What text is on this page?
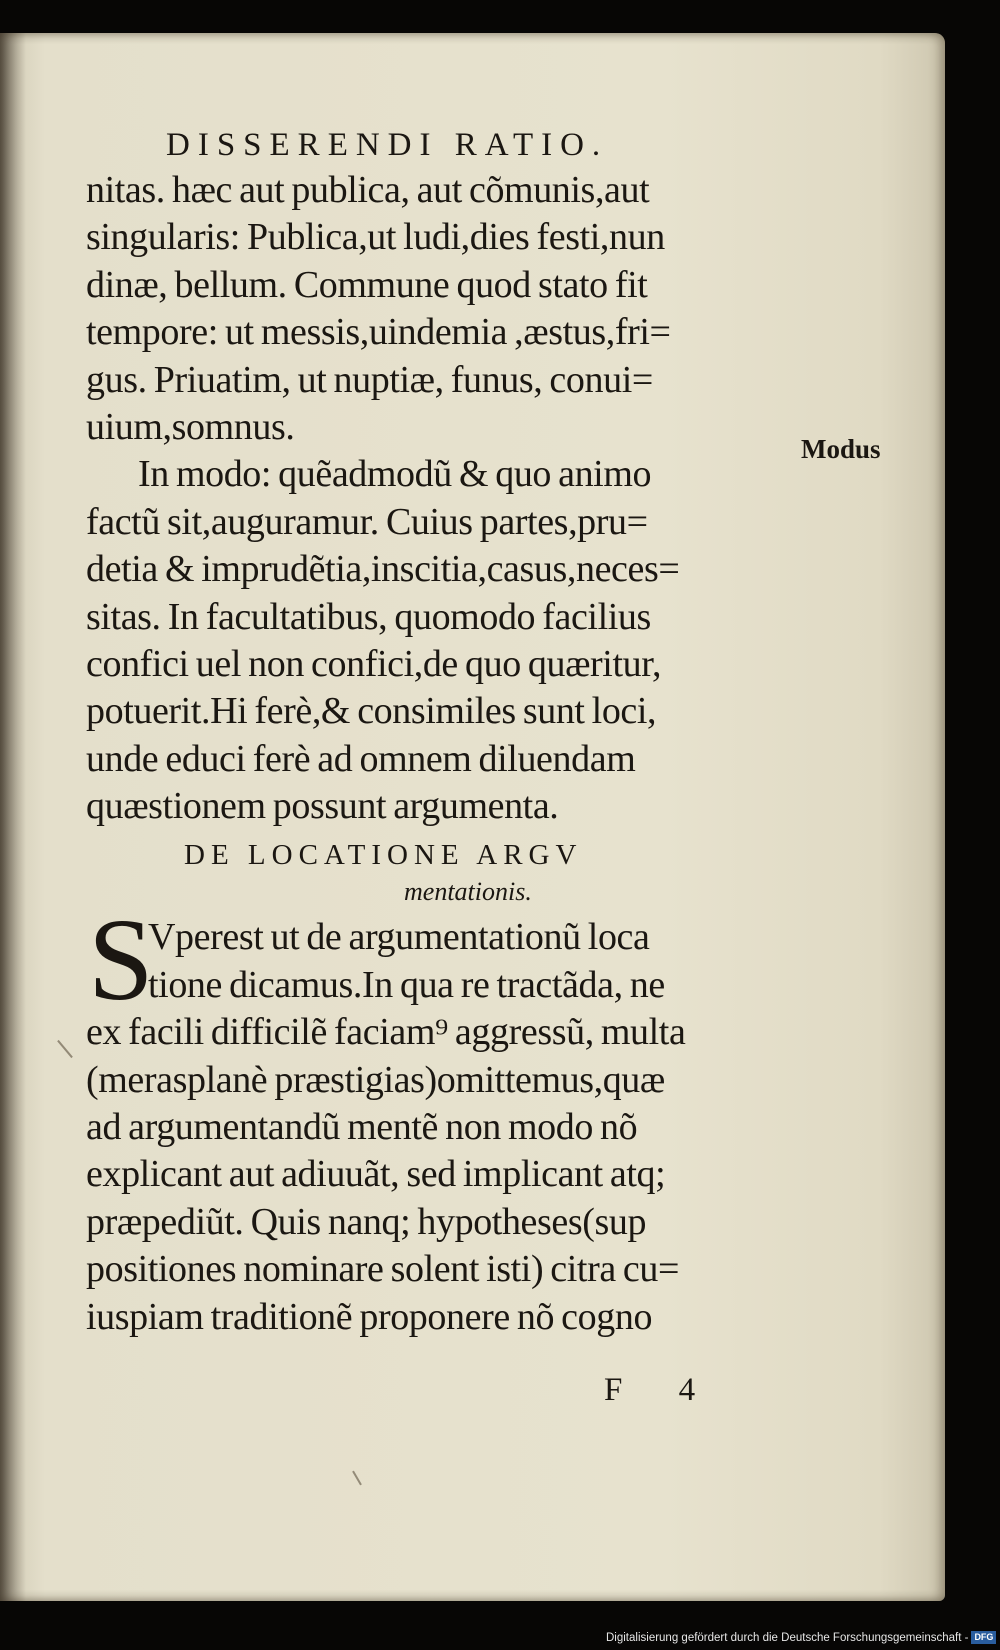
DISSERENDI RATIO.
nitas. hæc aut publica, aut cõmunis,aut
singularis: Publica,ut ludi,dies festi,nun
dinæ, bellum. Commune quod stato fit
tempore: ut messis,uindemia ,æstus,fri=
gus. Priuatim, ut nuptiæ, funus, conui=
uium,somnus.
In modo: quẽadmodũ & quo animo
factũ sit,auguramur. Cuius partes,pru=
detia & imprudẽtia,inscitia,casus,neces=
sitas. In facultatibus, quomodo facilius
confici uel non confici,de quo quæritur,
potuerit.Hi ferè,& consimiles sunt loci,
unde educi ferè ad omnem diluendam
quæstionem possunt argumenta.
DE LOCATIONE ARGV
mentationis.
S
Vperest ut de argumentationũ loca
tione dicamus.In qua re tractãda, ne
ex facili difficilẽ faciam⁹ aggressũ, multa
(merasplanè præstigias)omittemus,quæ
ad argumentandũ mentẽ non modo nõ
explicant aut adiuuãt, sed implicant atq;
præpediũt. Quis nanq; hypotheses(sup
positiones nominare solent isti) citra cu=
iuspiam traditionẽ proponere nõ cogno
Modus
F 4
Digitalisierung gefördert durch die Deutsche Forschungsgemeinschaft - DFG
